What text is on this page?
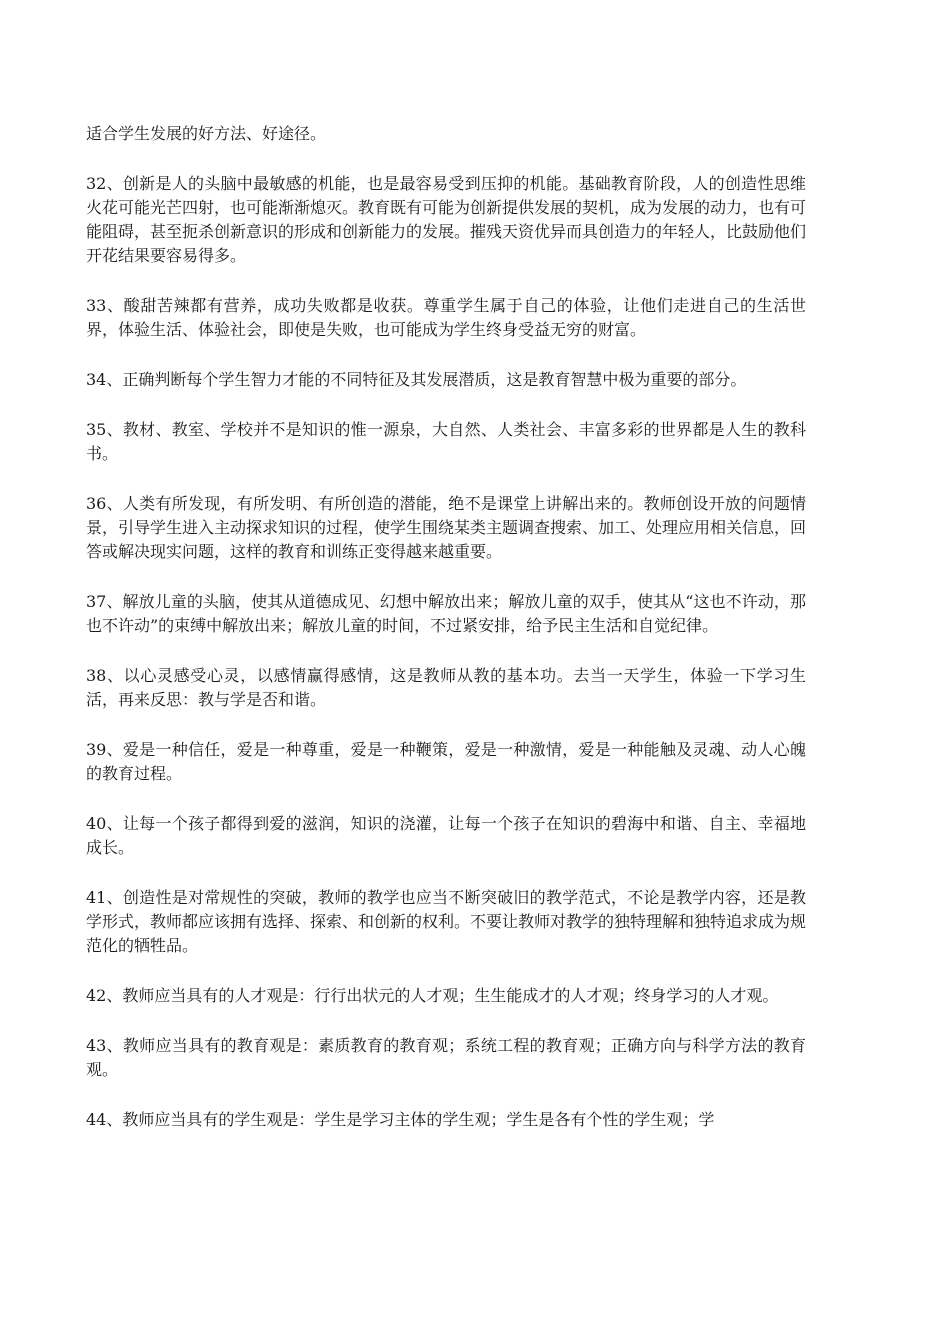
适合学生发展的好方法、好途径。

32、创新是人的头脑中最敏感的机能，也是最容易受到压抑的机能。基础教育阶段，人的创造性思维火花可能光芒四射，也可能渐渐熄灭。教育既有可能为创新提供发展的契机，成为发展的动力，也有可能阻碍，甚至扼杀创新意识的形成和创新能力的发展。摧残天资优异而具创造力的年轻人，比鼓励他们开花结果要容易得多。

33、酸甜苦辣都有营养，成功失败都是收获。尊重学生属于自己的体验，让他们走进自己的生活世界，体验生活、体验社会，即使是失败，也可能成为学生终身受益无穷的财富。

34、正确判断每个学生智力才能的不同特征及其发展潜质，这是教育智慧中极为重要的部分。

35、教材、教室、学校并不是知识的惟一源泉，大自然、人类社会、丰富多彩的世界都是人生的教科书。

36、人类有所发现，有所发明、有所创造的潜能，绝不是课堂上讲解出来的。教师创设开放的问题情景，引导学生进入主动探求知识的过程，使学生围绕某类主题调查搜索、加工、处理应用相关信息，回答或解决现实问题，这样的教育和训练正变得越来越重要。

37、解放儿童的头脑，使其从道德成见、幻想中解放出来；解放儿童的双手，使其从“这也不许动，那也不许动”的束缚中解放出来；解放儿童的时间，不过紧安排，给予民主生活和自觉纪律。

38、以心灵感受心灵，以感情赢得感情，这是教师从教的基本功。去当一天学生，体验一下学习生活，再来反思：教与学是否和谐。

39、爱是一种信任，爱是一种尊重，爱是一种鞭策，爱是一种激情，爱是一种能触及灵魂、动人心魄的教育过程。

40、让每一个孩子都得到爱的滋润，知识的浇灌，让每一个孩子在知识的碧海中和谐、自主、幸福地成长。

41、创造性是对常规性的突破，教师的教学也应当不断突破旧的教学范式，不论是教学内容，还是教学形式，教师都应该拥有选择、探索、和创新的权利。不要让教师对教学的独特理解和独特追求成为规范化的牺牲品。

42、教师应当具有的人才观是：行行出状元的人才观；生生能成才的人才观；终身学习的人才观。

43、教师应当具有的教育观是：素质教育的教育观；系统工程的教育观；正确方向与科学方法的教育观。

44、教师应当具有的学生观是：学生是学习主体的学生观；学生是各有个性的学生观；学
